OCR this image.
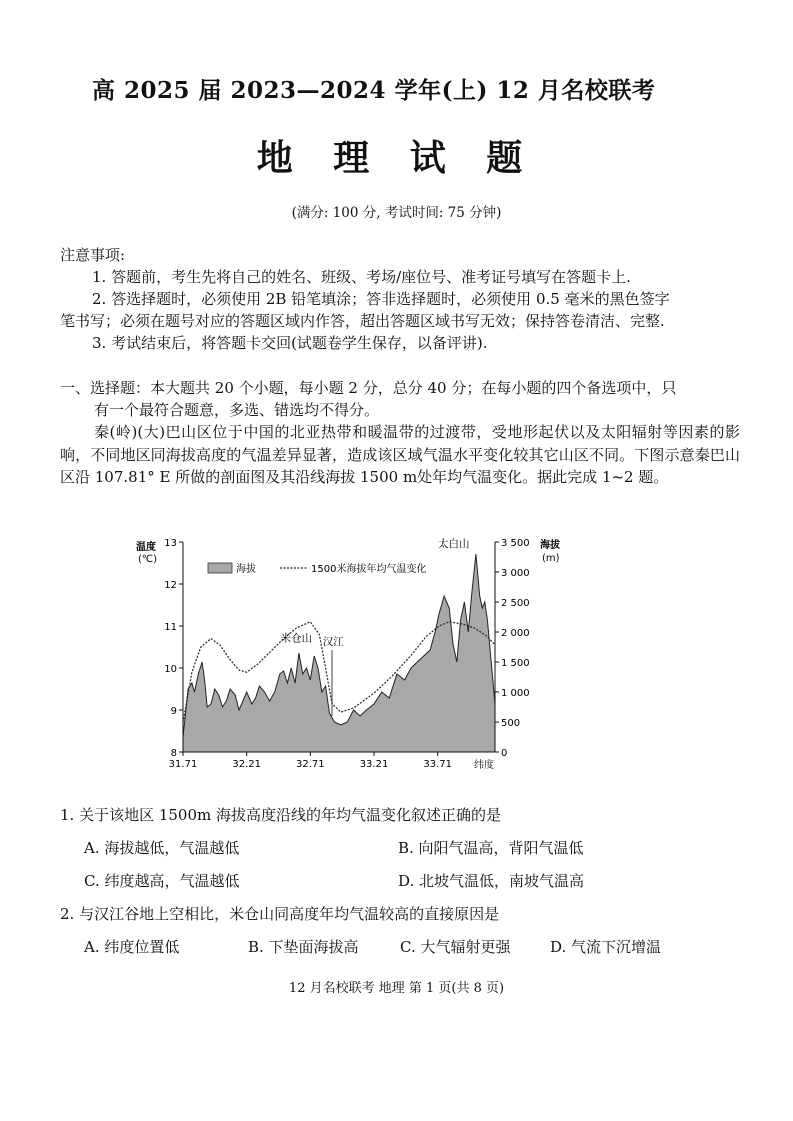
高 2025 届 2023—2024 学年(上) 12 月名校联考
地 理 试 题
(满分: 100 分, 考试时间: 75 分钟)
注意事项:
1. 答题前，考生先将自己的姓名、班级、考场/座位号、准考证号填写在答题卡上.
2. 答选择题时，必须使用 2B 铅笔填涂；答非选择题时，必须使用 0.5 毫米的黑色签字
笔书写；必须在题号对应的答题区域内作答，超出答题区域书写无效；保持答卷清洁、完整.
3. 考试结束后，将答题卡交回(试题卷学生保存，以备评讲).
一、选择题：本大题共 20 个小题，每小题 2 分，总分 40 分；在每小题的四个备选项中，只
有一个最符合题意，多选、错选均不得分。

秦(岭)(大)巴山区位于中国的北亚热带和暖温带的过渡带，受地形起伏以及太阳辐射等因素的影响，不同地区同海拔高度的气温差异显著，造成该区域气温水平变化较其它山区不同。下图示意秦巴山区沿 107.81° E 所做的剖面图及其沿线海拔 1500 m处年均气温变化。据此完成 1~2 题。

温度
(℃)
海拔
(m)
纬度
海拔	1500米海拔年均气温变化
8
9
10
11
12
13
0
500
1 000
1 500
2 000
2 500
3 000
3 500
31.71	32.21	32.71	33.21	33.71
太白山
米仓山 汉江
1. 关于该地区 1500m 海拔高度沿线的年均气温变化叙述正确的是
A. 海拔越低，气温越低	B. 向阳气温高，背阳气温低
C. 纬度越高，气温越低	D. 北坡气温低，南坡气温高
2. 与汉江谷地上空相比，米仓山同高度年均气温较高的直接原因是
A. 纬度位置低	B. 下垫面海拔高	C. 大气辐射更强	D. 气流下沉增温
12 月名校联考 地理 第 1 页(共 8 页)
